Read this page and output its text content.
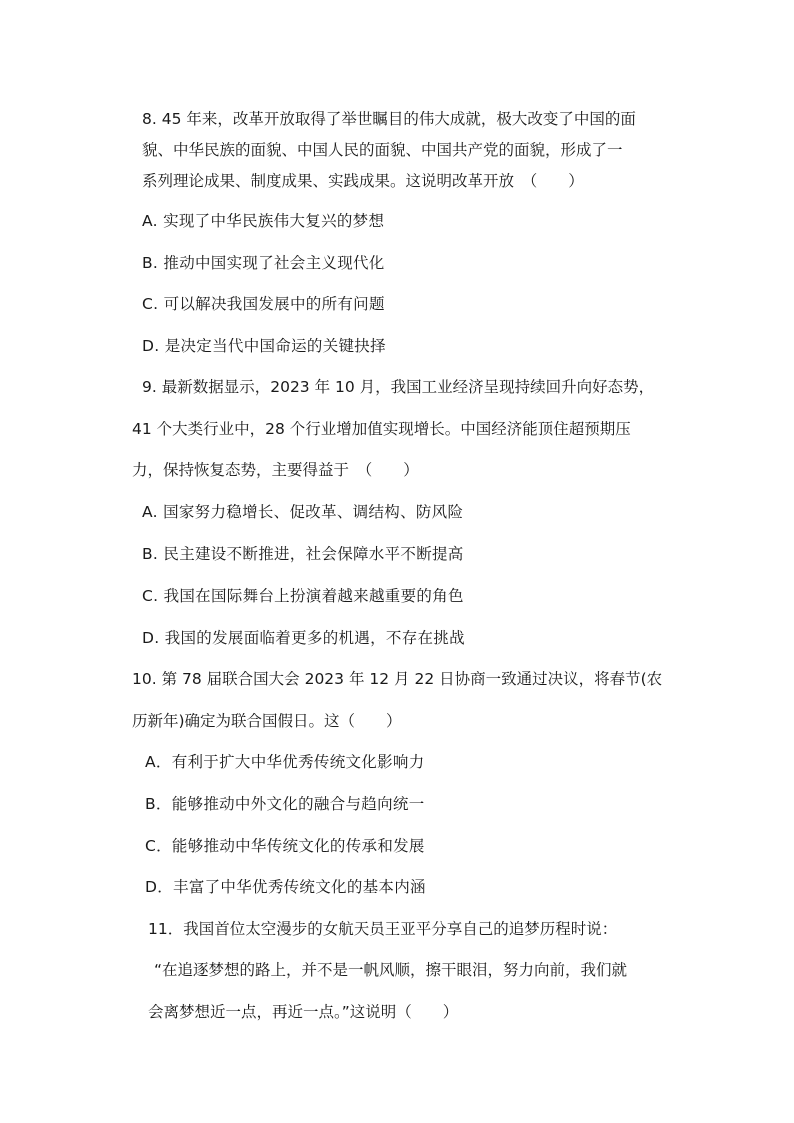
8. 45 年来，改革开放取得了举世瞩目的伟大成就，极大改变了中国的面
貌、中华民族的面貌、中国人民的面貌、中国共产党的面貌，形成了一
系列理论成果、制度成果、实践成果。这说明改革开放　（　　）
A. 实现了中华民族伟大复兴的梦想
B. 推动中国实现了社会主义现代化
C. 可以解决我国发展中的所有问题
D. 是决定当代中国命运的关键抉择
9. 最新数据显示，2023 年 10 月，我国工业经济呈现持续回升向好态势，
41 个大类行业中，28 个行业增加值实现增长。中国经济能顶住超预期压
力，保持恢复态势，主要得益于　（　　）
A. 国家努力稳增长、促改革、调结构、防风险
B. 民主建设不断推进，社会保障水平不断提高
C. 我国在国际舞台上扮演着越来越重要的角色
D. 我国的发展面临着更多的机遇，不存在挑战
10. 第 78 届联合国大会 2023 年 12 月 22 日协商一致通过决议，将春节(农
历新年)确定为联合国假日。这（　　）
A．有利于扩大中华优秀传统文化影响力
B．能够推动中外文化的融合与趋向统一
C．能够推动中华传统文化的传承和发展
D．丰富了中华优秀传统文化的基本内涵
11．我国首位太空漫步的女航天员王亚平分享自己的追梦历程时说：
“在追逐梦想的路上，并不是一帆风顺，擦干眼泪，努力向前，我们就
会离梦想近一点，再近一点。”这说明（　　）
